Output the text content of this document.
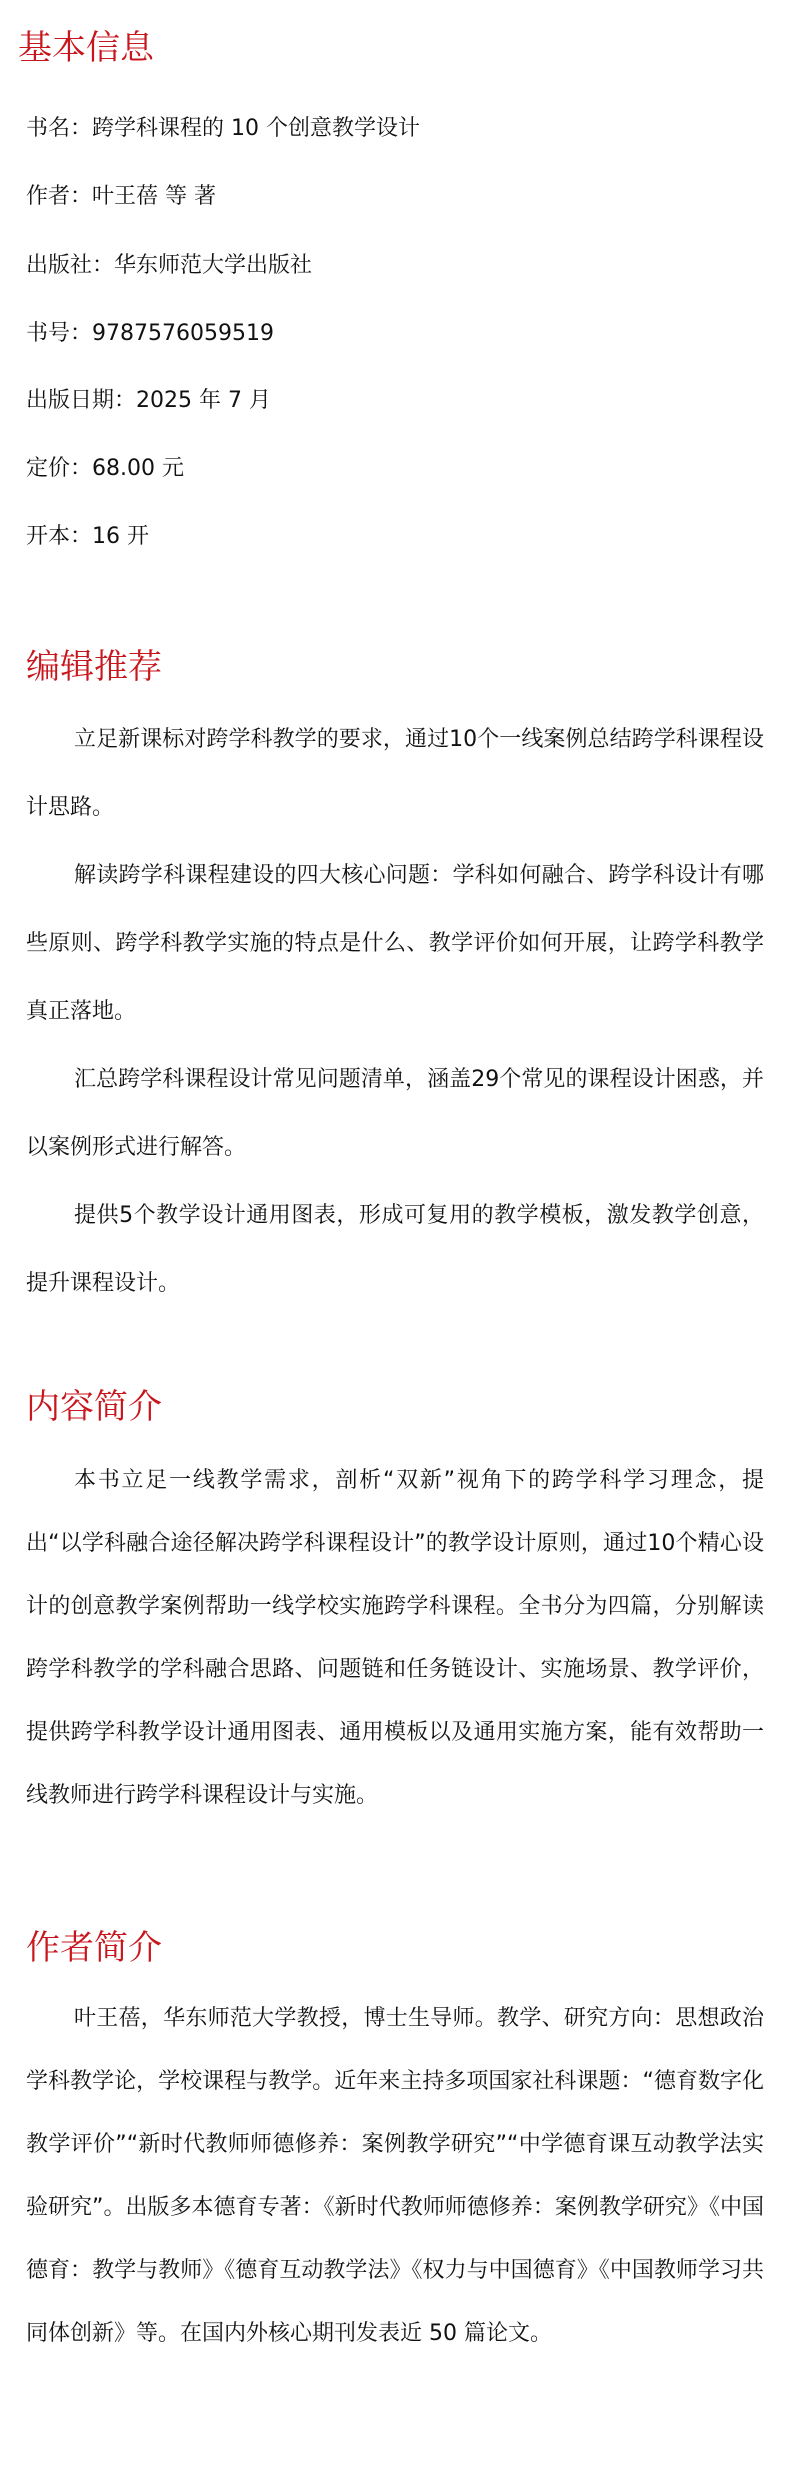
基本信息

书名：跨学科课程的 10 个创意教学设计

作者：叶王蓓 等 著

出版社：华东师范大学出版社

书号：9787576059519

出版日期：2025 年 7 月

定价：68.00 元

开本：16 开

编辑推荐

立足新课标对跨学科教学的要求，通过10个一线案例总结跨学科课程设计思路。

解读跨学科课程建设的四大核心问题：学科如何融合、跨学科设计有哪些原则、跨学科教学实施的特点是什么、教学评价如何开展，让跨学科教学真正落地。

汇总跨学科课程设计常见问题清单，涵盖29个常见的课程设计困惑，并以案例形式进行解答。

提供5个教学设计通用图表，形成可复用的教学模板，激发教学创意，提升课程设计。

内容简介

本书立足一线教学需求，剖析“双新”视角下的跨学科学习理念，提出“以学科融合途径解决跨学科课程设计”的教学设计原则，通过10个精心设计的创意教学案例帮助一线学校实施跨学科课程。全书分为四篇，分别解读跨学科教学的学科融合思路、问题链和任务链设计、实施场景、教学评价，提供跨学科教学设计通用图表、通用模板以及通用实施方案，能有效帮助一线教师进行跨学科课程设计与实施。

作者简介

叶王蓓，华东师范大学教授，博士生导师。教学、研究方向：思想政治学科教学论，学校课程与教学。近年来主持多项国家社科课题：“德育数字化教学评价”“新时代教师师德修养：案例教学研究”“中学德育课互动教学法实验研究”。出版多本德育专著：《新时代教师师德修养：案例教学研究》《中国德育：教学与教师》《德育互动教学法》《权力与中国德育》《中国教师学习共同体创新》等。在国内外核心期刊发表近 50 篇论文。
